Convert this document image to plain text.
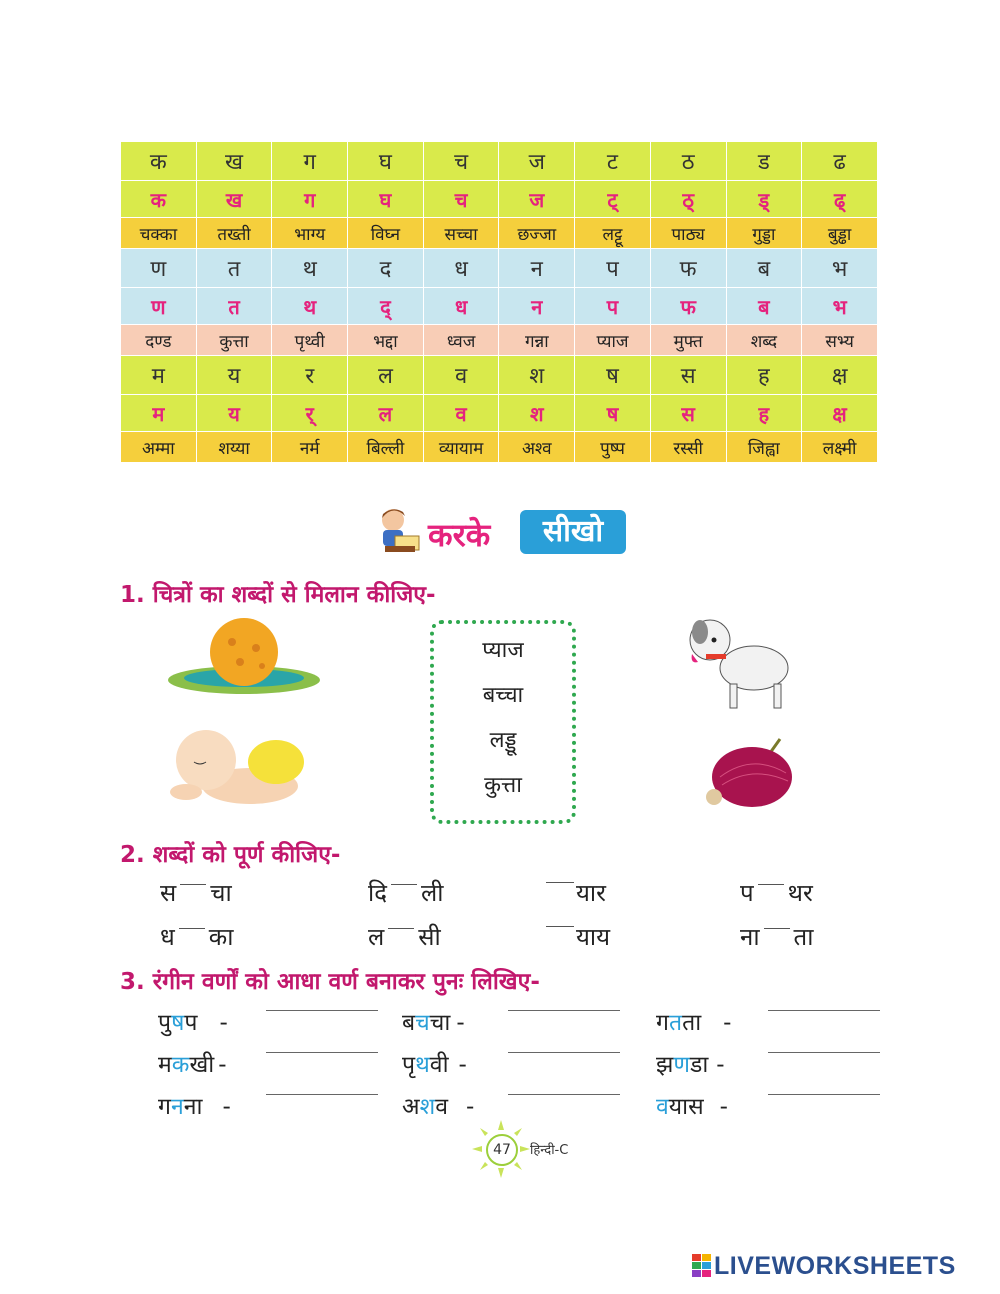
क	ख	ग	घ	च	ज	ट	ठ	ड	ढ
क	ख	ग	घ	च	ज	ट्	ठ्	ड्	ढ्
चक्का	तख्ती	भाग्य	विघ्न	सच्चा	छज्जा	लट्टू	पाठ्य	गुड्डा	बुड्ढा
ण	त	थ	द	ध	न	प	फ	ब	भ
ण	त	थ	द्	ध	न	प	फ	ब	भ
दण्ड	कुत्ता	पृथ्वी	भद्दा	ध्वज	गन्ना	प्याज	मुफ्त	शब्द	सभ्य
म	य	र	ल	व	श	ष	स	ह	क्ष
म	य	र्	ल	व	श	ष	स	ह	क्ष
अम्मा	शय्या	नर्म	बिल्ली	व्यायाम	अश्व	पुष्प	रस्सी	जिह्वा	लक्ष्मी
करके	सीखो
1. चित्रों का शब्दों से मिलान कीजिए-
प्याज
बच्चा
लड्डू
कुत्ता
2. शब्दों को पूर्ण कीजिए-
स चा	दि ली	यार	प थर
ध का	ल सी	याय	ना ता
3. रंगीन वर्णों को आधा वर्ण बनाकर पुनः लिखिए-
पुषप -	बचचा -	गतता -
मकखी -	पृथवी -	झणडा -
गनना -	अशव -	वयास -
47	हिन्दी-C
LIVEWORKSHEETS
